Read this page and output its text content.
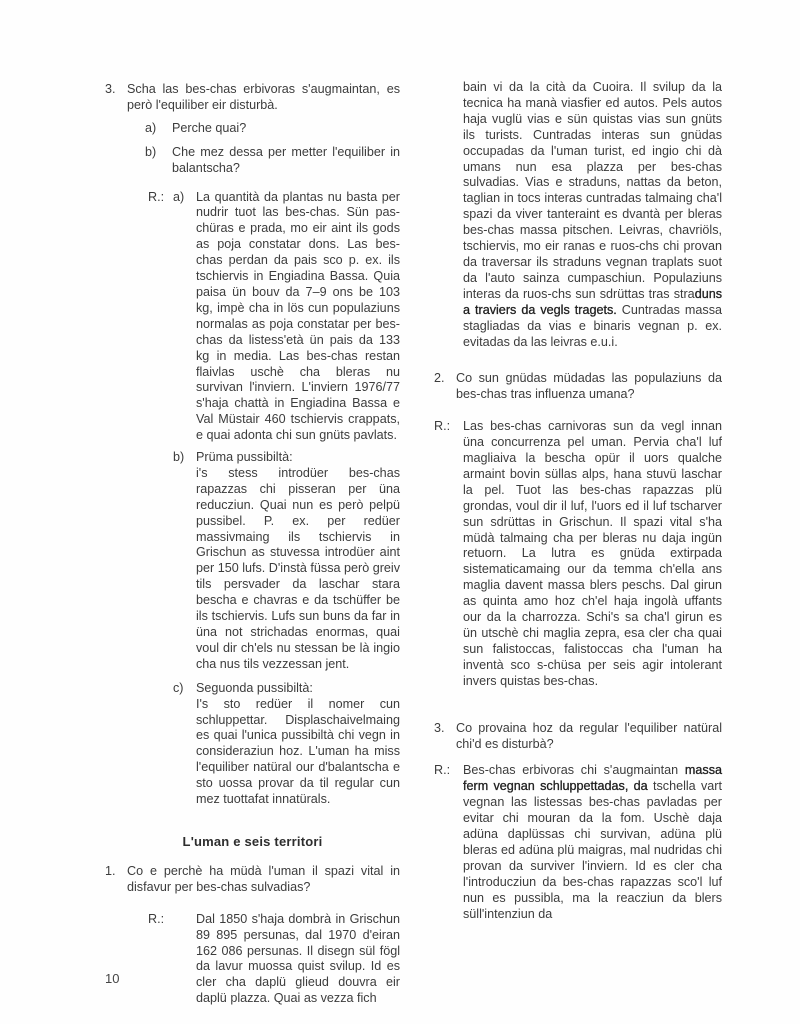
3. Scha las bes-chas erbivoras s'augmaintan, es però l'equiliber eir disturbà.
a)	Perche quai?
b)	Che mez dessa per metter l'equiliber in balantscha?
R.: a) La quantità da plantas nu basta per nudrir tuot las bes-chas. Sün pas-chüras e prada, mo eir aint ils gods as poja constatar dons. Las bes-chas perdan da pais sco p. ex. ils tschiervis in Engiadina Bassa. Quia paisa ün bouv da 7–9 ons be 103 kg, impè cha in lös cun populaziuns normalas as poja constatar per bes-chas da listess'età ün pais da 133 kg in media. Las bes-chas restan flaivlas uschè cha bleras nu survivan l'inviern. L'inviern 1976/77 s'haja chattà in Engiadina Bassa e Val Müstair 460 tschiervis crappats, e quai adonta chi sun gnüts pavlats.
b) Prüma pussibiltà:
i's stess introdüer bes-chas rapazzas chi pisseran per üna reducziun. Quai nun es però pelpü pussibel. P. ex. per redüer massivmaing ils tschiervis in Grischun as stuvessa introdüer aint per 150 lufs. D'instà füssa però greiv tils persvader da laschar stara bescha e chavras e da tschüffer be ils tschiervis. Lufs sun buns da far in üna not strichadas enormas, quai voul dir ch'els nu stessan be là ingio cha nus tils vezzessan jent.
c) Seguonda pussibiltà:
I's sto redüer il nomer cun schluppettar. Displaschaivelmaing es quai l'unica pussibiltà chi vegn in consideraziun hoz. L'uman ha miss l'equiliber natüral our d'balantscha e sto uossa provar da til regular cun mez tuottafat innatürals.
L'uman e seis territori
1. Co e perchè ha müdà l'uman il spazi vital in disfavur per bes-chas sulvadias?
R.:	Dal 1850 s'haja dombrà in Grischun 89 895 persunas, dal 1970 d'eiran 162 086 persunas. Il disegn sül fögl da lavur muossa quist svilup. Id es cler cha daplü glieud douvra eir daplü plazza. Quai as vezza fich
bain vi da la cità da Cuoira. Il svilup da la tecnica ha manà viasfier ed autos. Pels autos haja vuglü vias e sün quistas vias sun gnüts ils turists. Cuntradas interas sun gnüdas occupadas da l'uman turist, ed ingio chi dà umans nun esa plazza per bes-chas sulvadias. Vias e straduns, nattas da beton, taglian in tocs interas cuntradas talmaing cha'l spazi da viver tanteraint es dvantà per bleras bes-chas massa pitschen. Leivras, chavriöls, tschiervis, mo eir ranas e ruos-chs chi provan da traversar ils straduns vegnan traplats suot da l'auto sainza cumpaschiun. Populaziuns interas da ruos-chs sun sdrüttas tras straduns a traviers da vegls tragets. Cuntradas massa stagliadas da vias e binaris vegnan p. ex. evitadas da las leivras e.u.i.
2. Co sun gnüdas müdadas las populaziuns da bes-chas tras influenza umana?
R.:	Las bes-chas carnivoras sun da vegl innan üna concurrenza pel uman. Pervia cha'l luf magliaiva la bescha opür il uors qualche armaint bovin süllas alps, hana stuvü laschar la pel. Tuot las bes-chas rapazzas plü grondas, voul dir il luf, l'uors ed il luf tscharver sun sdrüttas in Grischun. Il spazi vital s'ha müdà talmaing cha per bleras nu daja ingün retuorn. La lutra es gnüda extirpada sistematicamaing our da temma ch'ella ans maglia davent massa blers peschs. Dal girun as quinta amo hoz ch'el haja ingolà uffants our da la charrozza. Schi's sa cha'l girun es ün utschè chi maglia zepra, esa cler cha quai sun falistoccas, falistoccas cha l'uman ha inventà sco s-chüsa per seis agir intolerant invers quistas bes-chas.
3. Co provaina hoz da regular l'equiliber natüral chi'd es disturbà?
R.:	Bes-chas erbivoras chi s'augmaintan massa ferm vegnan schluppettadas, da tschella vart vegnan las listessas bes-chas pavladas per evitar chi mouran da la fom. Uschè daja adüna daplüssas chi survivan, adüna plü bleras ed adüna plü maigras, mal nudridas chi provan da surviver l'inviern. Id es cler cha l'introducziun da bes-chas rapazzas sco'l luf nun es pussibla, ma la reacziun da blers süll'intenziun da
10
